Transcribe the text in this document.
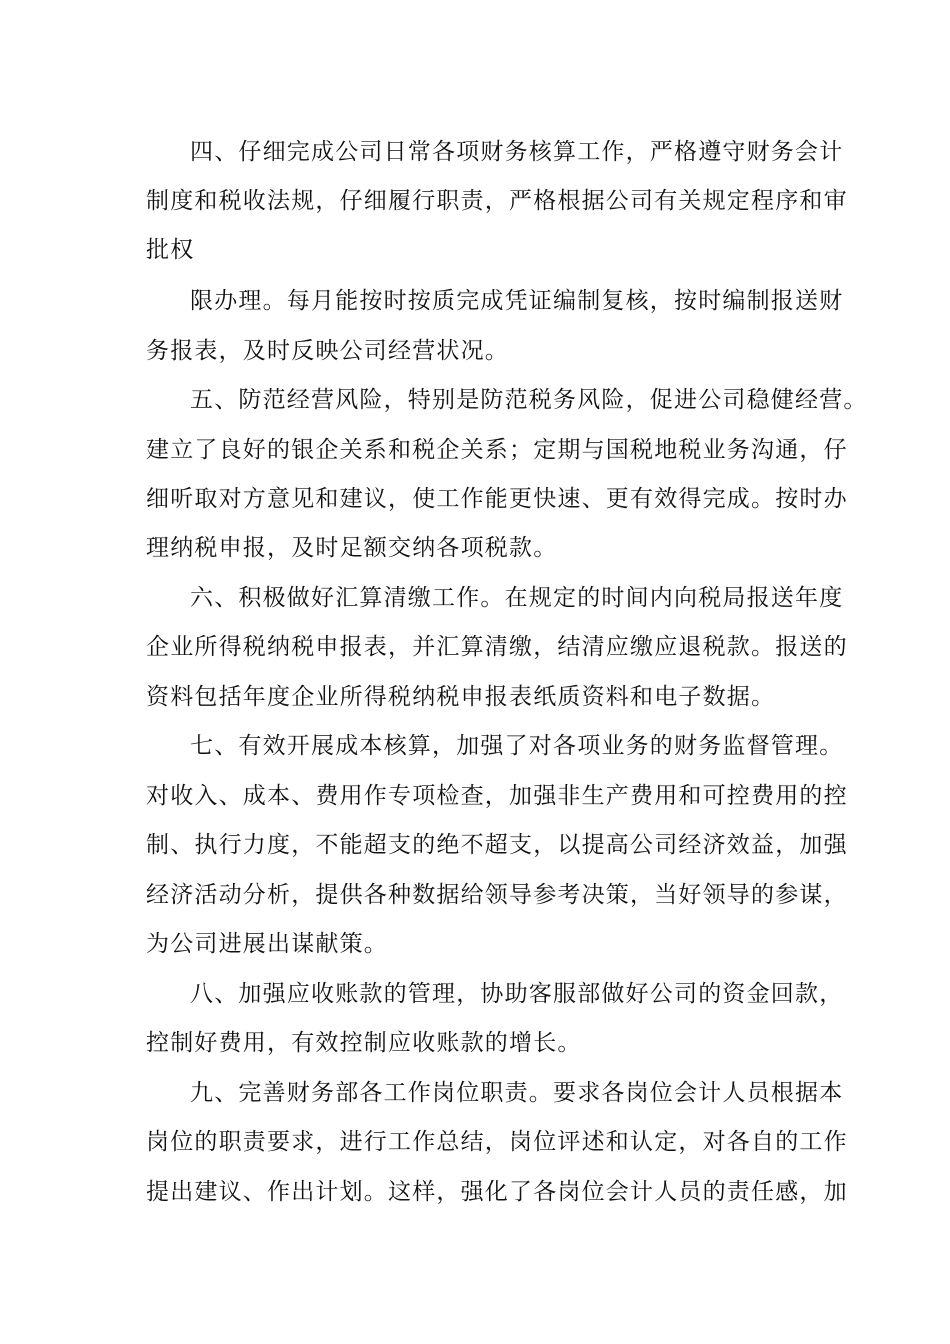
四、仔细完成公司日常各项财务核算工作，严格遵守财务会计
制度和税收法规，仔细履行职责，严格根据公司有关规定程序和审
批权
限办理。每月能按时按质完成凭证编制复核，按时编制报送财
务报表，及时反映公司经营状况。
五、防范经营风险，特别是防范税务风险，促进公司稳健经营。
建立了良好的银企关系和税企关系；定期与国税地税业务沟通，仔
细听取对方意见和建议，使工作能更快速、更有效得完成。按时办
理纳税申报，及时足额交纳各项税款。
六、积极做好汇算清缴工作。在规定的时间内向税局报送年度
企业所得税纳税申报表，并汇算清缴，结清应缴应退税款。报送的
资料包括年度企业所得税纳税申报表纸质资料和电子数据。
七、有效开展成本核算，加强了对各项业务的财务监督管理。
对收入、成本、费用作专项检查，加强非生产费用和可控费用的控
制、执行力度，不能超支的绝不超支，以提高公司经济效益，加强
经济活动分析，提供各种数据给领导参考决策，当好领导的参谋，
为公司进展出谋献策。
八、加强应收账款的管理，协助客服部做好公司的资金回款，
控制好费用，有效控制应收账款的增长。
九、完善财务部各工作岗位职责。要求各岗位会计人员根据本
岗位的职责要求，进行工作总结，岗位评述和认定，对各自的工作
提出建议、作出计划。这样，强化了各岗位会计人员的责任感，加
